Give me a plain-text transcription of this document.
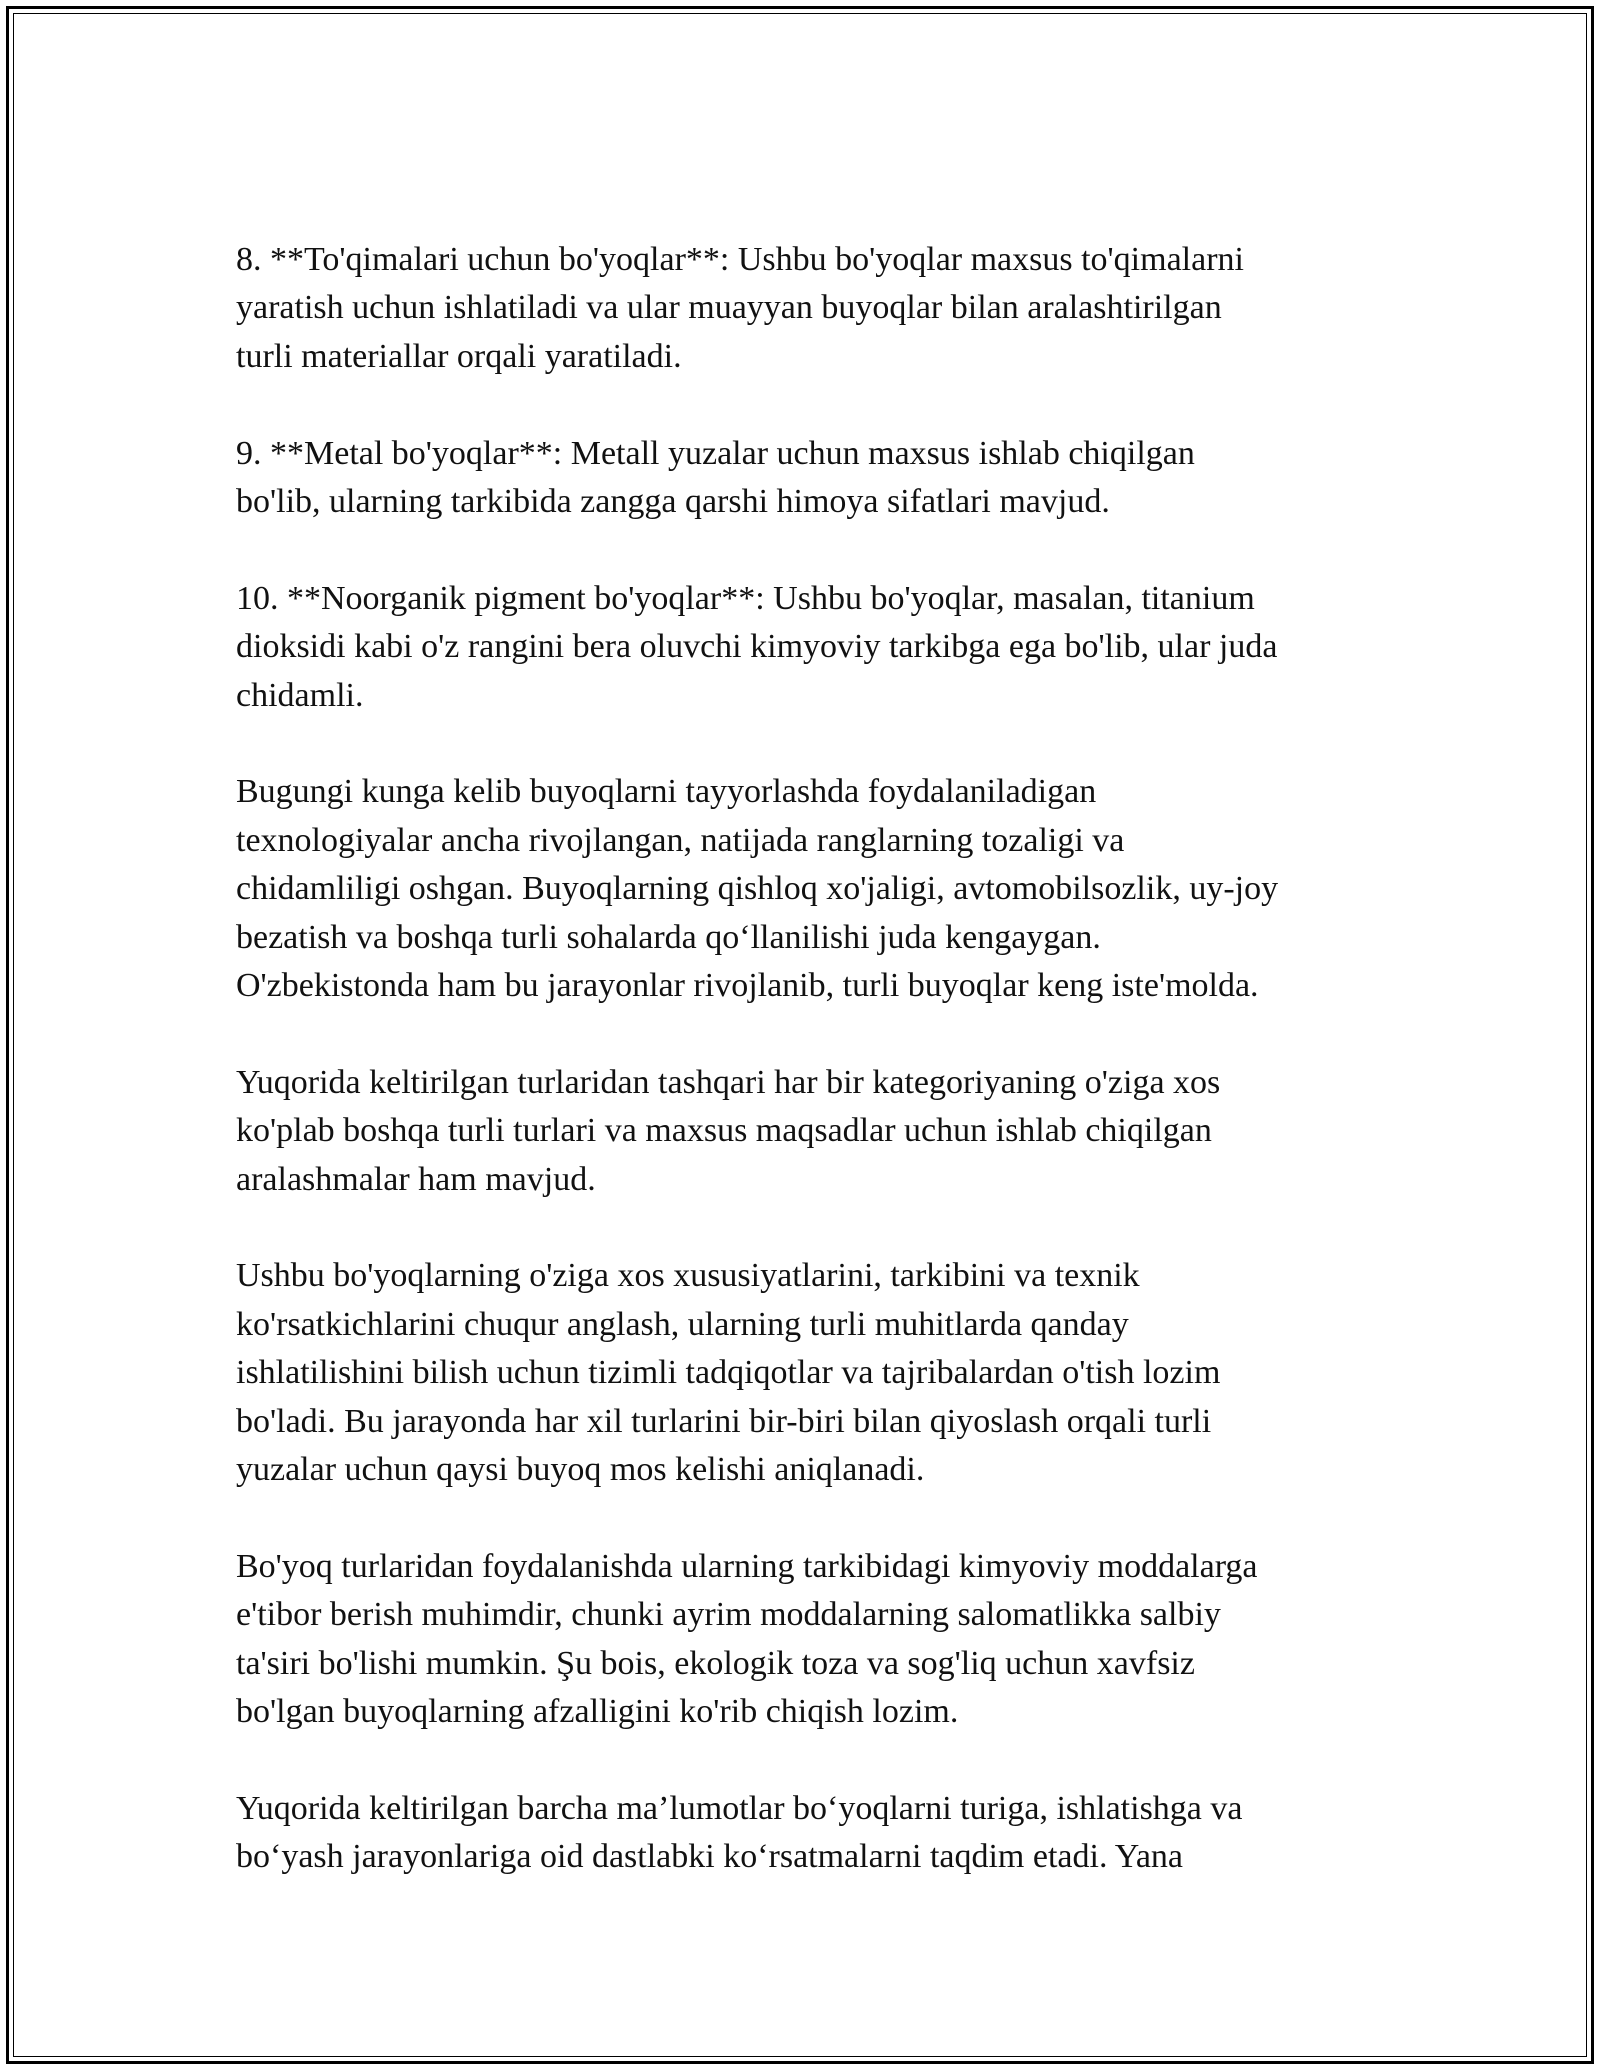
8. **To'qimalari uchun bo'yoqlar**: Ushbu bo'yoqlar maxsus to'qimalarni
yaratish uchun ishlatiladi va ular muayyan buyoqlar bilan aralashtirilgan
turli materiallar orqali yaratiladi.

9. **Metal bo'yoqlar**: Metall yuzalar uchun maxsus ishlab chiqilgan
bo'lib, ularning tarkibida zangga qarshi himoya sifatlari mavjud.

10. **Noorganik pigment bo'yoqlar**: Ushbu bo'yoqlar, masalan, titanium
dioksidi kabi o'z rangini bera oluvchi kimyoviy tarkibga ega bo'lib, ular juda
chidamli.

Bugungi kunga kelib buyoqlarni tayyorlashda foydalaniladigan
texnologiyalar ancha rivojlangan, natijada ranglarning tozaligi va
chidamliligi oshgan. Buyoqlarning qishloq xo'jaligi, avtomobilsozlik, uy-joy
bezatish va boshqa turli sohalarda qo‘llanilishi juda kengaygan.
O'zbekistonda ham bu jarayonlar rivojlanib, turli buyoqlar keng iste'molda.

Yuqorida keltirilgan turlaridan tashqari har bir kategoriyaning o'ziga xos
ko'plab boshqa turli turlari va maxsus maqsadlar uchun ishlab chiqilgan
aralashmalar ham mavjud.

Ushbu bo'yoqlarning o'ziga xos xususiyatlarini, tarkibini va texnik
ko'rsatkichlarini chuqur anglash, ularning turli muhitlarda qanday
ishlatilishini bilish uchun tizimli tadqiqotlar va tajribalardan o'tish lozim
bo'ladi. Bu jarayonda har xil turlarini bir-biri bilan qiyoslash orqali turli
yuzalar uchun qaysi buyoq mos kelishi aniqlanadi.

Bo'yoq turlaridan foydalanishda ularning tarkibidagi kimyoviy moddalarga
e'tibor berish muhimdir, chunki ayrim moddalarning salomatlikka salbiy
ta'siri bo'lishi mumkin. Şu bois, ekologik toza va sog'liq uchun xavfsiz
bo'lgan buyoqlarning afzalligini ko'rib chiqish lozim.

Yuqorida keltirilgan barcha ma’lumotlar bo‘yoqlarni turiga, ishlatishga va
bo‘yash jarayonlariga oid dastlabki ko‘rsatmalarni taqdim etadi. Yana
